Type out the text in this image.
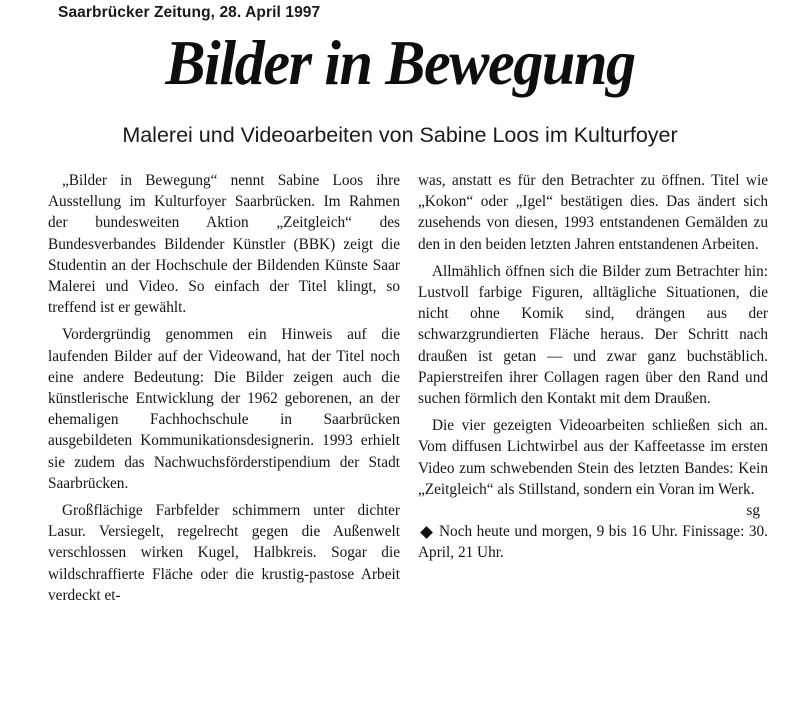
Saarbrücker Zeitung, 28. April 1997
Bilder in Bewegung
Malerei und Videoarbeiten von Sabine Loos im Kulturfoyer

„Bilder in Bewegung“ nennt Sabine Loos ihre Ausstellung im Kulturfoyer Saarbrücken. Im Rahmen der bundesweiten Aktion „Zeitgleich“ des Bundesverbandes Bildender Künstler (BBK) zeigt die Studentin an der Hochschule der Bildenden Künste Saar Malerei und Video. So einfach der Titel klingt, so treffend ist er gewählt.

Vordergründig genommen ein Hinweis auf die laufenden Bilder auf der Videowand, hat der Titel noch eine andere Bedeutung: Die Bilder zeigen auch die künstlerische Entwicklung der 1962 geborenen, an der ehemaligen Fachhochschule in Saarbrücken ausgebildeten Kommunikationsdesignerin. 1993 erhielt sie zudem das Nachwuchsförderstipendium der Stadt Saarbrücken.

Großflächige Farbfelder schimmern unter dichter Lasur. Versiegelt, regelrecht gegen die Außenwelt verschlossen wirken Kugel, Halbkreis. Sogar die wildschraffierte Fläche oder die krustig-pastose Arbeit verdeckt et-

was, anstatt es für den Betrachter zu öffnen. Titel wie „Kokon“ oder „Igel“ bestätigen dies. Das ändert sich zusehends von diesen, 1993 entstandenen Gemälden zu den in den beiden letzten Jahren entstandenen Arbeiten.

Allmählich öffnen sich die Bilder zum Betrachter hin: Lustvoll farbige Figuren, alltägliche Situationen, die nicht ohne Komik sind, drängen aus der schwarzgrundierten Fläche heraus. Der Schritt nach draußen ist getan — und zwar ganz buchstäblich. Papierstreifen ihrer Collagen ragen über den Rand und suchen förmlich den Kontakt mit dem Draußen.

Die vier gezeigten Videoarbeiten schließen sich an. Vom diffusen Lichtwirbel aus der Kaffeetasse im ersten Video zum schwebenden Stein des letzten Bandes: Kein „Zeitgleich“ als Stillstand, sondern ein Voran im Werk.
sg

Noch heute und morgen, 9 bis 16 Uhr. Finissage: 30. April, 21 Uhr.
